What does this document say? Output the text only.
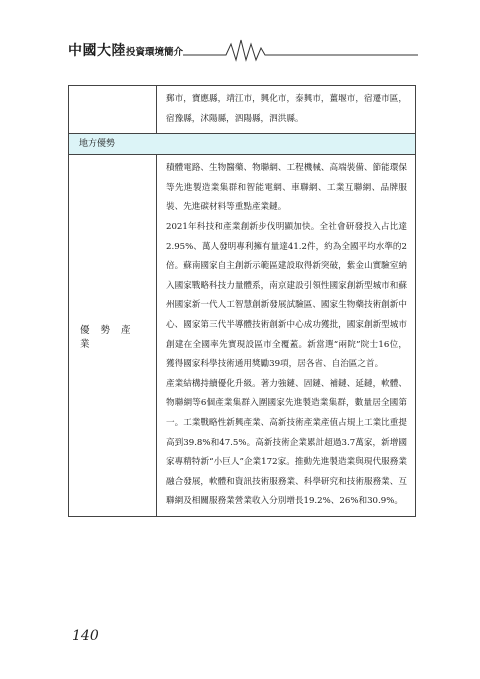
中國大陸投資環境簡介

郵市，寶應縣，靖江市，興化市，泰興市，薑堰市，宿遷市區，宿豫縣，沭陽縣，泗陽縣，泗洪縣。

地方優勢
優勢產業

積體電路、生物醫藥、物聯網、工程機械、高端裝備、節能環保等先進製造業集群和智能電網、車聯網、工業互聯網、品牌服裝、先進碳材料等重點產業鏈。

2021年科技和產業創新步伐明顯加快。全社會研發投入占比達2.95%、萬人發明專利擁有量達41.2件，約為全國平均水準的2倍。蘇南國家自主創新示範區建設取得新突破，紫金山實驗室納入國家戰略科技力量體系，南京建設引領性國家創新型城市和蘇州國家新一代人工智慧創新發展試驗區、國家生物藥技術創新中心、國家第三代半導體技術創新中心成功獲批，國家創新型城市創建在全國率先實現設區市全覆蓋。新當選“兩院”院士16位，獲得國家科學技術通用獎勵39項，居各省、自治區之首。

產業結構持續優化升級。著力強鏈、固鏈、補鏈、延鏈，軟體、物聯網等6個產業集群入圍國家先進製造業集群，數量居全國第一。工業戰略性新興產業、高新技術產業產值占規上工業比重提高到39.8%和47.5%。高新技術企業累計超過3.7萬家，新增國家專精特新“小巨人”企業172家。推動先進製造業與現代服務業融合發展，軟體和資訊技術服務業、科學研究和技術服務業、互聯網及相關服務業營業收入分別增長19.2%、26%和30.9%。

140
